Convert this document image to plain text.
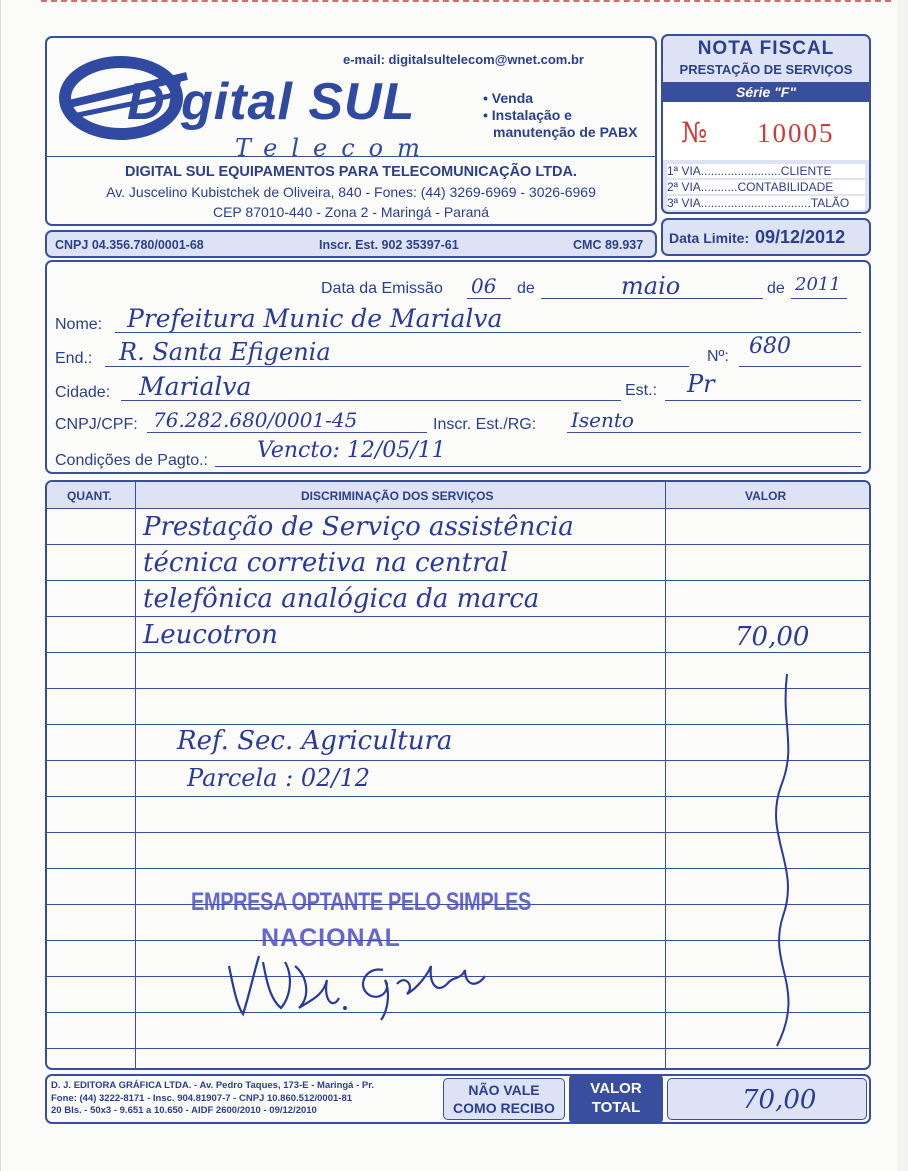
e-mail: digitalsultelecom@wnet.com.br
Digital SUL
Telecom
• Venda
• Instalação e
manutenção de PABX
DIGITAL SUL EQUIPAMENTOS PARA TELECOMUNICAÇÃO LTDA.
Av. Juscelino Kubistchek de Oliveira, 840 - Fones: (44) 3269-6969 - 3026-6969
CEP 87010-440 - Zona 2 - Maringá - Paraná
NOTA FISCAL
PRESTAÇÃO DE SERVIÇOS
Série "F"
№ 10005
1ª VIA........................CLIENTE
2ª VIA...........CONTABILIDADE
3ª VIA.................................TALÃO
CNPJ 04.356.780/0001-68	Inscr. Est. 902 35397-61	CMC 89.937 Data Limite: 09/12/2012
Data da Emissão 06 de	maio	de 2011
Nome: Prefeitura Munic de Marialva
End.: R. Santa Efigenia	Nº: 680
Cidade: Marialva	Est.: Pr
CNPJ/CPF: 76.282.680/0001-45	Inscr. Est./RG: Isento
Condições de Pagto.: Vencto: 12/05/11
QUANT.	DISCRIMINAÇÃO DOS SERVIÇOS	VALOR
Prestação de Serviço assistência
técnica corretiva na central
telefônica analógica da marca
Leucotron	70,00
Ref. Sec. Agricultura
Parcela : 02/12
EMPRESA OPTANTE PELO SIMPLES
NACIONAL
D. J. EDITORA GRÁFICA LTDA. - Av. Pedro Taques, 173-E - Maringá - Pr.
Fone: (44) 3222-8171 - Insc. 904.81907-7 - CNPJ 10.860.512/0001-81
20 Bls. - 50x3 - 9.651 a 10.650 - AIDF 2600/2010 - 09/12/2010
NÃO VALE
COMO RECIBO
VALOR
TOTAL	70,00
